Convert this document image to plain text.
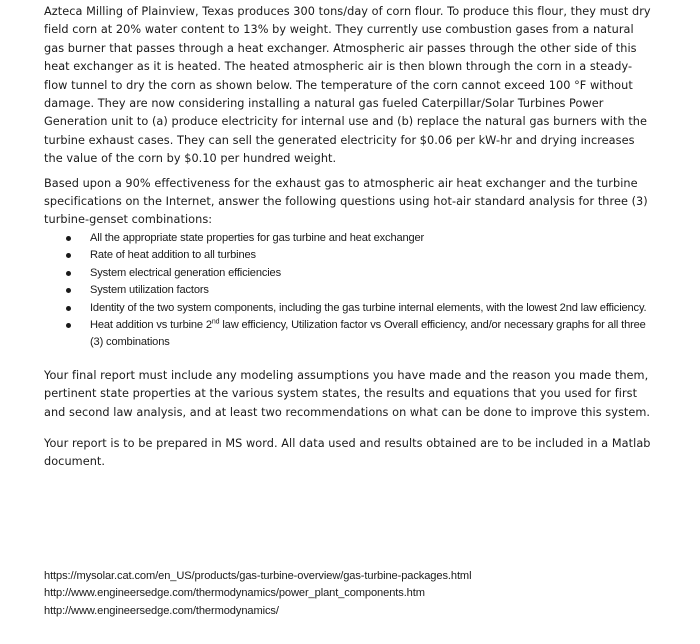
Azteca Milling of Plainview, Texas produces 300 tons/day of corn flour. To produce this flour, they must dry field corn at 20% water content to 13% by weight. They currently use combustion gases from a natural gas burner that passes through a heat exchanger. Atmospheric air passes through the other side of this heat exchanger as it is heated. The heated atmospheric air is then blown through the corn in a steady-flow tunnel to dry the corn as shown below. The temperature of the corn cannot exceed 100 °F without damage. They are now considering installing a natural gas fueled Caterpillar/Solar Turbines Power Generation unit to (a) produce electricity for internal use and (b) replace the natural gas burners with the turbine exhaust cases. They can sell the generated electricity for $0.06 per kW-hr and drying increases the value of the corn by $0.10 per hundred weight.

Based upon a 90% effectiveness for the exhaust gas to atmospheric air heat exchanger and the turbine specifications on the Internet, answer the following questions using hot-air standard analysis for three (3) turbine-genset combinations:

All the appropriate state properties for gas turbine and heat exchanger
Rate of heat addition to all turbines
System electrical generation efficiencies
System utilization factors
Identity of the two system components, including the gas turbine internal elements, with the lowest 2nd law efficiency.
Heat addition vs turbine 2nd law efficiency, Utilization factor vs Overall efficiency, and/or necessary graphs for all three (3) combinations

Your final report must include any modeling assumptions you have made and the reason you made them, pertinent state properties at the various system states, the results and equations that you used for first and second law analysis, and at least two recommendations on what can be done to improve this system.

Your report is to be prepared in MS word. All data used and results obtained are to be included in a Matlab document.

https://mysolar.cat.com/en_US/products/gas-turbine-overview/gas-turbine-packages.html
http://www.engineersedge.com/thermodynamics/power_plant_components.htm
http://www.engineersedge.com/thermodynamics/
